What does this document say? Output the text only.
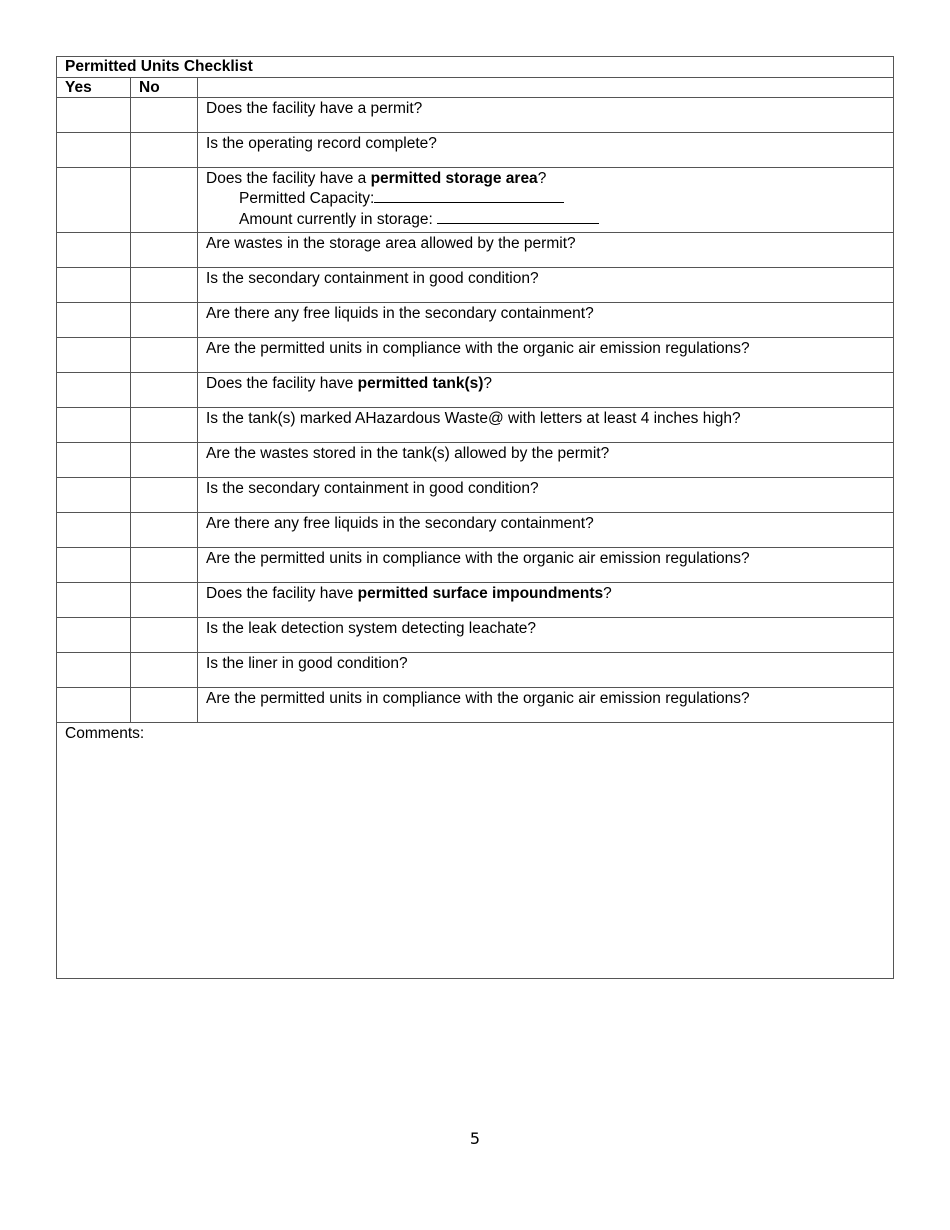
Permitted Units Checklist		
Yes	No	
		Does the facility have a permit?
		Is the operating record complete?

		Does the facility have a permitted storage area?
Permitted Capacity:
Amount currently in storage:

		Are wastes in the storage area allowed by the permit?
		Is the secondary containment in good condition?
		Are there any free liquids in the secondary containment?
		Are the permitted units in compliance with the organic air emission regulations?
		Does the facility have permitted tank(s)?
		Is the tank(s) marked AHazardous Waste@ with letters at least 4 inches high?
		Are the wastes stored in the tank(s) allowed by the permit?
		Is the secondary containment in good condition?
		Are there any free liquids in the secondary containment?
		Are the permitted units in compliance with the organic air emission regulations?
		Does the facility have permitted surface impoundments?
		Is the leak detection system detecting leachate?
		Is the liner in good condition?
		Are the permitted units in compliance with the organic air emission regulations?
Comments:		
5
